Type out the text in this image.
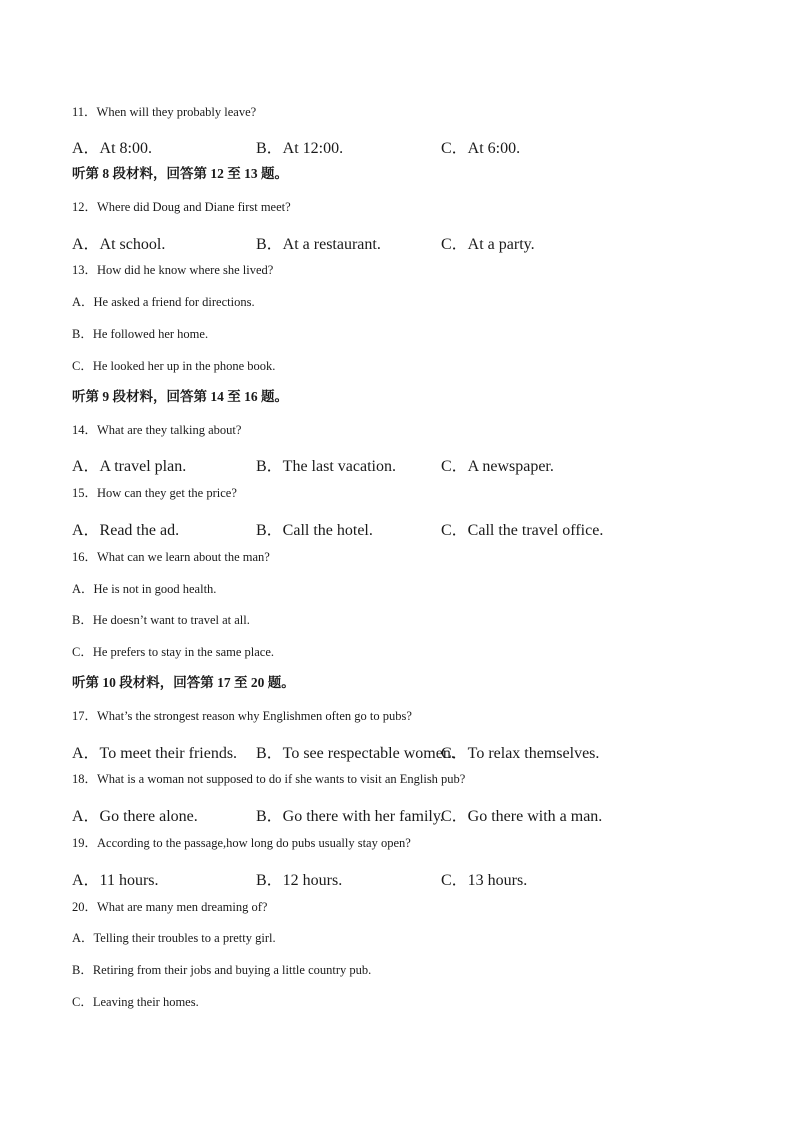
11．When will they probably leave?
A．At 8:00.	B．At 12:00.	C．At 6:00.
听第 8 段材料，回答第 12 至 13 题。
12．Where did Doug and Diane first meet?
A．At school.	B．At a restaurant.	C．At a party.
13．How did he know where she lived?
A．He asked a friend for directions.
B．He followed her home.
C．He looked her up in the phone book.
听第 9 段材料，回答第 14 至 16 题。
14．What are they talking about?
A．A travel plan.	B．The last vacation.	C．A newspaper.
15．How can they get the price?
A．Read the ad.	B．Call the hotel.	C．Call the travel office.
16．What can we learn about the man?
A．He is not in good health.
B．He doesn’t want to travel at all.
C．He prefers to stay in the same place.
听第 10 段材料，回答第 17 至 20 题。
17．What’s the strongest reason why Englishmen often go to pubs?
A．To meet their friends. B．To see respectable women.
C．To relax themselves.
18．What is a woman not supposed to do if she wants to visit an English pub?
A．Go there alone.	B．Go there with her family.
C．Go there with a man.
19．According to the passage,how long do pubs usually stay open?
A．11 hours.	B．12 hours.	C．13 hours.
20．What are many men dreaming of?
A．Telling their troubles to a pretty girl.
B．Retiring from their jobs and buying a little country pub.
C．Leaving their homes.
